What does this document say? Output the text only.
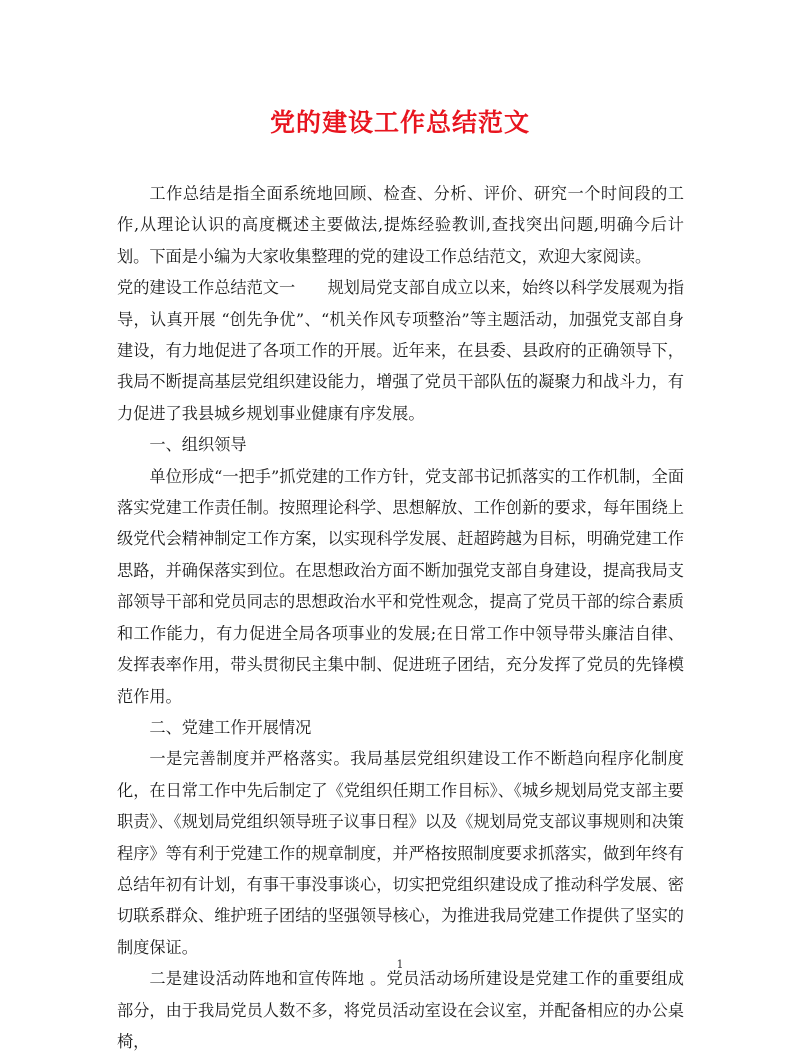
党的建设工作总结范文

工作总结是指全面系统地回顾、检查、分析、评价、研究一个时间段的工作,从理论认识的高度概述主要做法,提炼经验教训,查找突出问题,明确今后计划。下面是小编为大家收集整理的党的建设工作总结范文，欢迎大家阅读。

党的建设工作总结范文一　　规划局党支部自成立以来，始终以科学发展观为指导，认真开展 “创先争优”、“机关作风专项整治”等主题活动，加强党支部自身建设，有力地促进了各项工作的开展。近年来，在县委、县政府的正确领导下，我局不断提高基层党组织建设能力，增强了党员干部队伍的凝聚力和战斗力，有力促进了我县城乡规划事业健康有序发展。

一、组织领导

单位形成“一把手”抓党建的工作方针，党支部书记抓落实的工作机制，全面落实党建工作责任制。按照理论科学、思想解放、工作创新的要求，每年围绕上级党代会精神制定工作方案，以实现科学发展、赶超跨越为目标，明确党建工作思路，并确保落实到位。在思想政治方面不断加强党支部自身建设，提高我局支部领导干部和党员同志的思想政治水平和党性观念，提高了党员干部的综合素质和工作能力，有力促进全局各项事业的发展;在日常工作中领导带头廉洁自律、发挥表率作用，带头贯彻民主集中制、促进班子团结，充分发挥了党员的先锋模范作用。

二、党建工作开展情况

一是完善制度并严格落实。我局基层党组织建设工作不断趋向程序化制度化，在日常工作中先后制定了《党组织任期工作目标》、《城乡规划局党支部主要职责》、《规划局党组织领导班子议事日程》以及《规划局党支部议事规则和决策程序》等有利于党建工作的规章制度，并严格按照制度要求抓落实，做到年终有总结年初有计划，有事干事没事谈心，切实把党组织建设成了推动科学发展、密切联系群众、维护班子团结的坚强领导核心，为推进我局党建工作提供了坚实的制度保证。

二是建设活动阵地和宣传阵地 。党员活动场所建设是党建工作的重要组成部分，由于我局党员人数不多，将党员活动室设在会议室，并配备相应的办公桌椅，

1
